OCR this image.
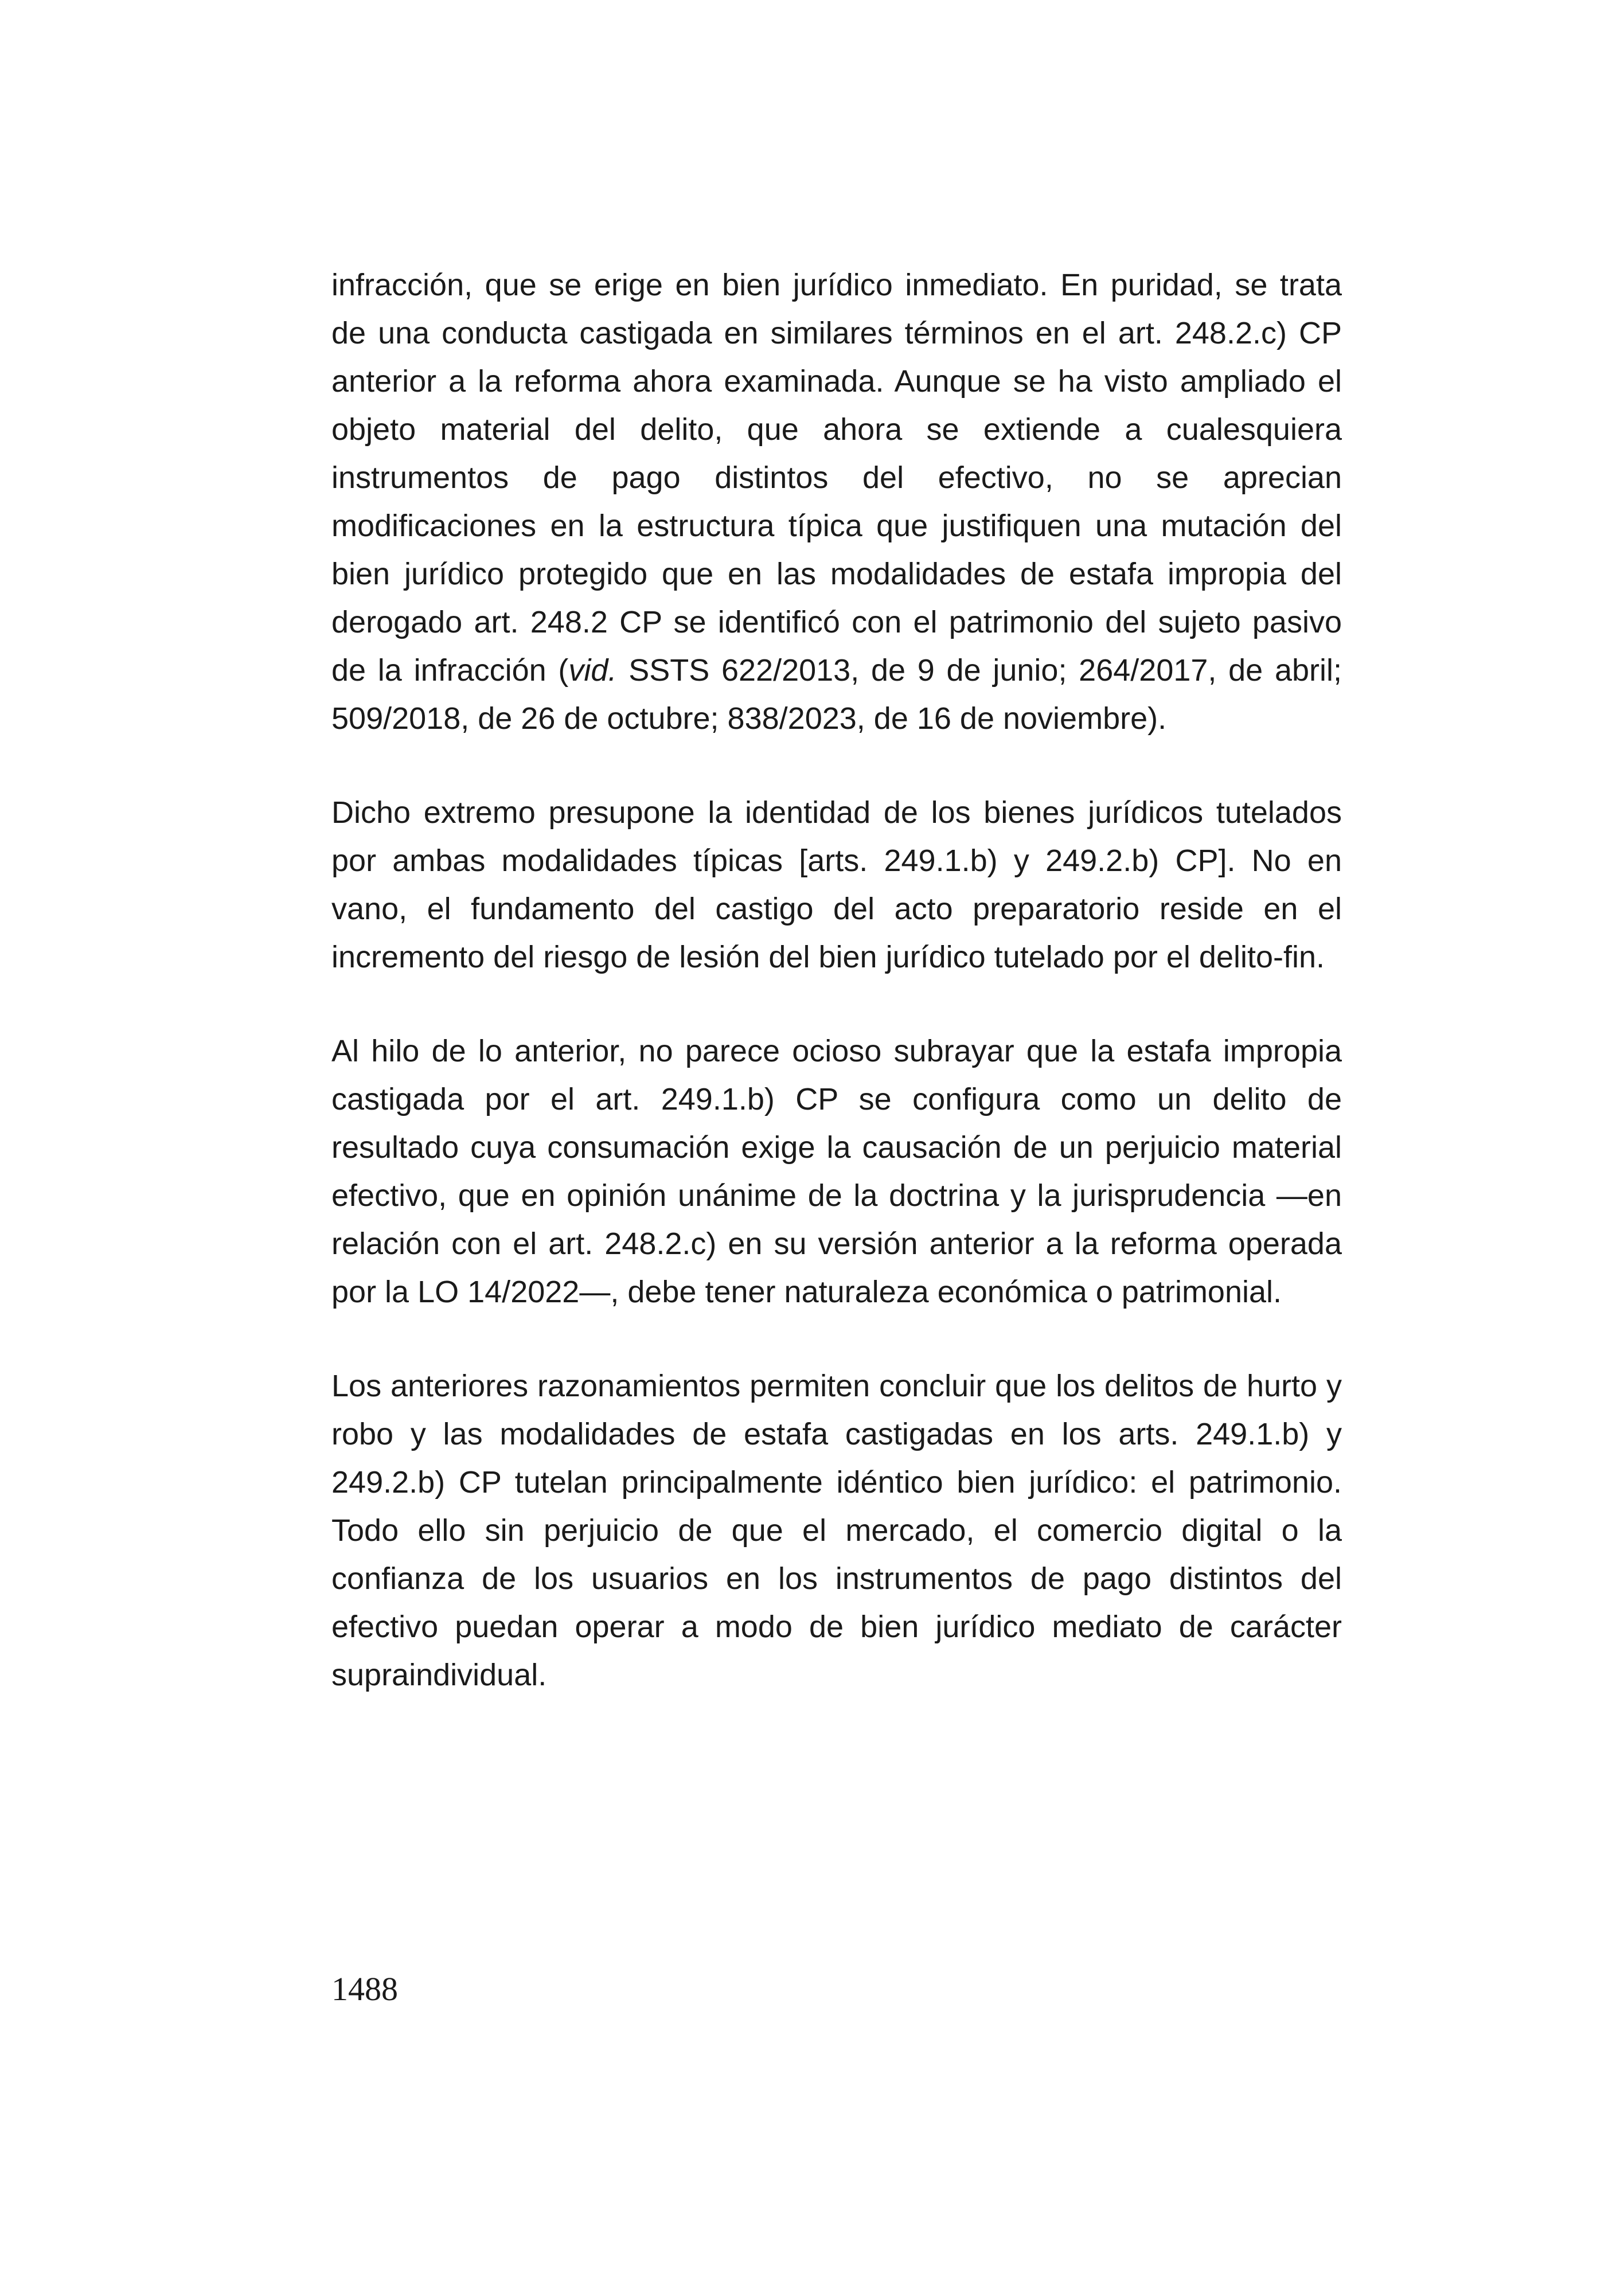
infracción, que se erige en bien jurídico inmediato. En puridad, se trata de una conducta castigada en similares términos en el art. 248.2.c) CP anterior a la reforma ahora examinada. Aunque se ha visto ampliado el objeto material del delito, que ahora se extiende a cualesquiera instrumentos de pago distintos del efectivo, no se aprecian modificaciones en la estructura típica que justifiquen una mutación del bien jurídico protegido que en las modalidades de estafa impropia del derogado art. 248.2 CP se identificó con el patrimonio del sujeto pasivo de la infracción (vid. SSTS 622/2013, de 9 de junio; 264/2017, de abril; 509/2018, de 26 de octubre; 838/2023, de 16 de noviembre).

Dicho extremo presupone la identidad de los bienes jurídicos tutelados por ambas modalidades típicas [arts. 249.1.b) y 249.2.b) CP]. No en vano, el fundamento del castigo del acto preparatorio reside en el incremento del riesgo de lesión del bien jurídico tutelado por el delito-fin.

Al hilo de lo anterior, no parece ocioso subrayar que la estafa impropia castigada por el art. 249.1.b) CP se configura como un delito de resultado cuya consumación exige la causación de un perjuicio material efectivo, que en opinión unánime de la doctrina y la jurisprudencia —en relación con el art. 248.2.c) en su versión anterior a la reforma operada por la LO 14/2022—, debe tener naturaleza económica o patrimonial.

Los anteriores razonamientos permiten concluir que los delitos de hurto y robo y las modalidades de estafa castigadas en los arts. 249.1.b) y 249.2.b) CP tutelan principalmente idéntico bien jurídico: el patrimonio. Todo ello sin perjuicio de que el mercado, el comercio digital o la confianza de los usuarios en los instrumentos de pago distintos del efectivo puedan operar a modo de bien jurídico mediato de carácter supraindividual.

1488
